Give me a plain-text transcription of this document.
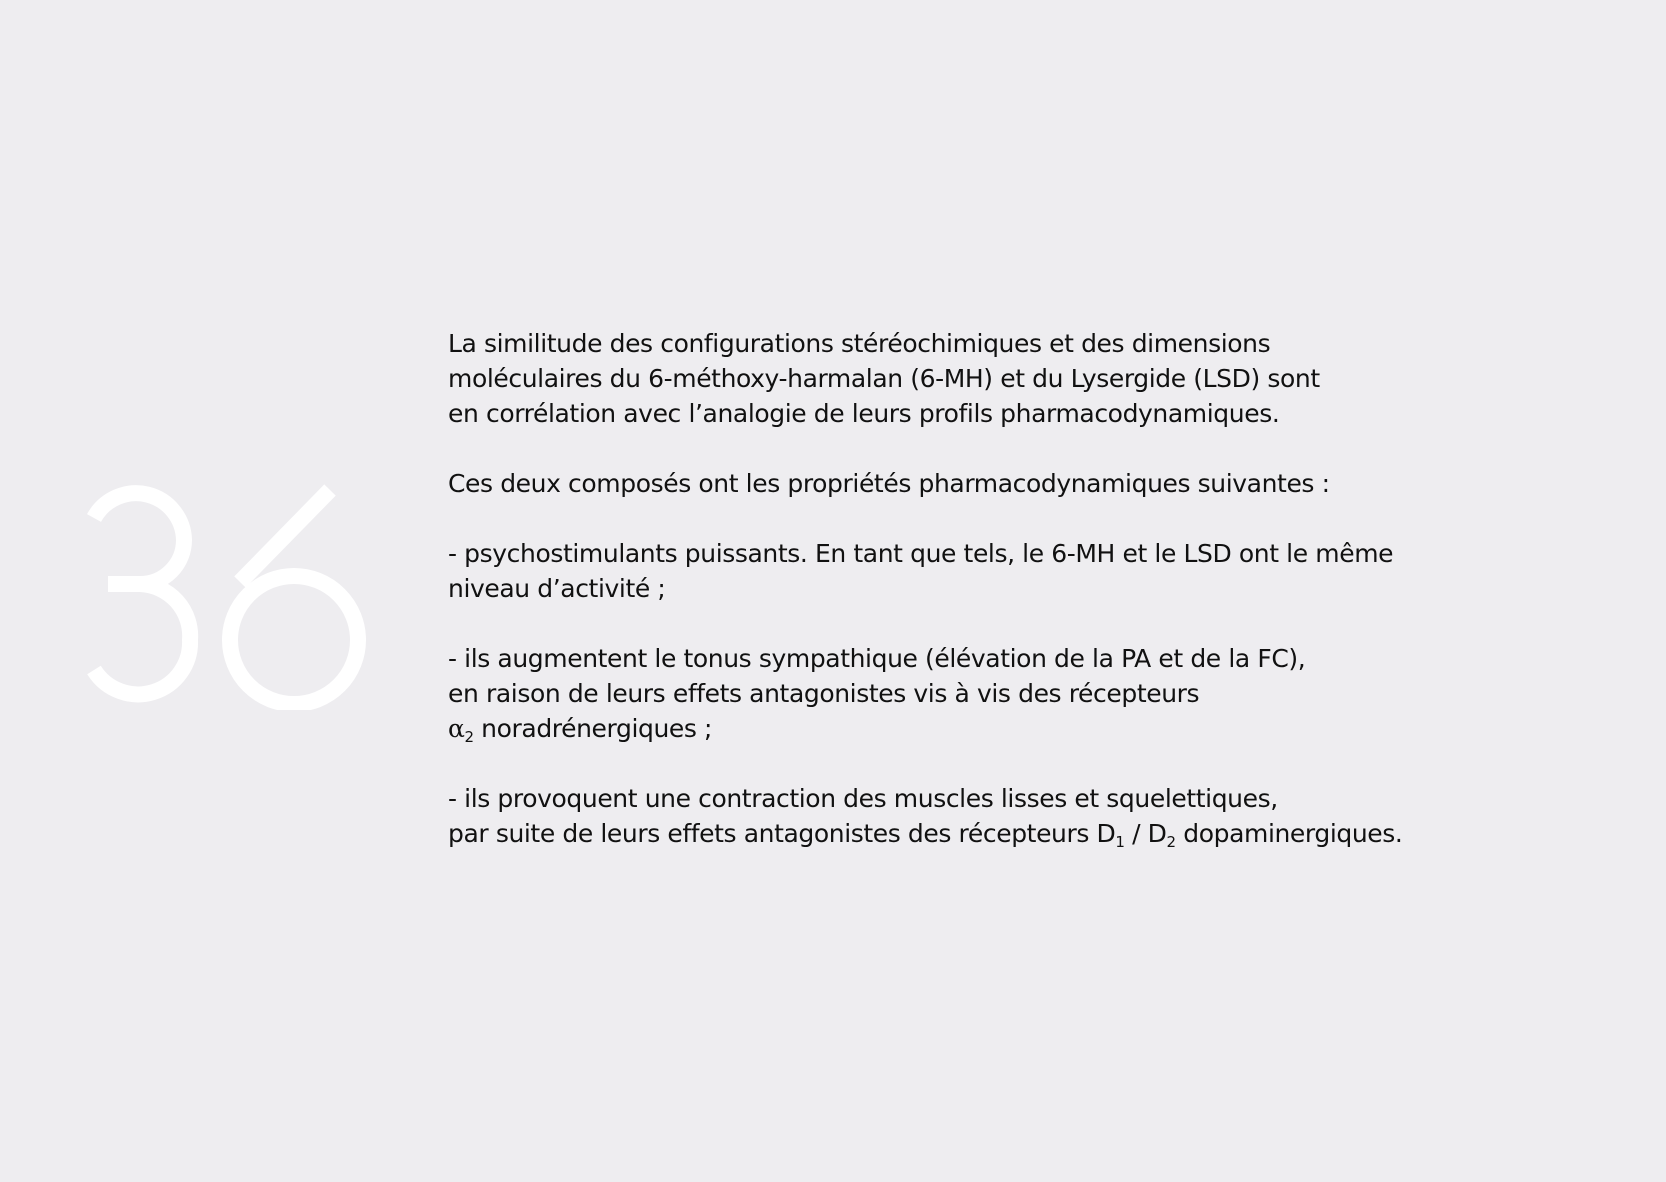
La similitude des configurations stéréochimiques et des dimensions
moléculaires du 6-méthoxy-harmalan (6-MH) et du Lysergide (LSD) sont
en corrélation avec l’analogie de leurs profils pharmacodynamiques.

Ces deux composés ont les propriétés pharmacodynamiques suivantes :

- psychostimulants puissants. En tant que tels, le 6-MH et le LSD ont le même
niveau d’activité ;

- ils augmentent le tonus sympathique (élévation de la PA et de la FC),
en raison de leurs effets antagonistes vis à vis des récepteurs
$\alpha_2$ noradrénergiques ;

- ils provoquent une contraction des muscles lisses et squelettiques,
par suite de leurs effets antagonistes des récepteurs $D_1 / D_2$ dopaminergiques.
